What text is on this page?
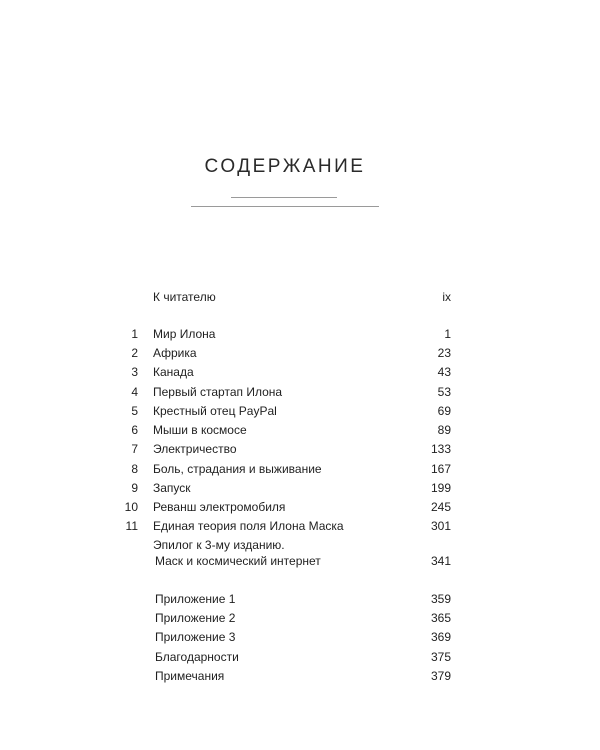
СОДЕРЖАНИЕ
К читателю	ix
1 Мир Илона	1
2 Африка	23
3 Канада	43
4 Первый стартап Илона	53
5 Крестный отец PayPal	69
6 Мыши в космосе	89
7 Электричество	133
8 Боль, страдания и выживание	167
9 Запуск	199
10 Реванш электромобиля	245
11 Единая теория поля Илона Маска	301
Эпилог к 3-му изданию.
Маск и космический интернет	341
Приложение 1	359
Приложение 2	365
Приложение 3	369
Благодарности	375
Примечания	379
